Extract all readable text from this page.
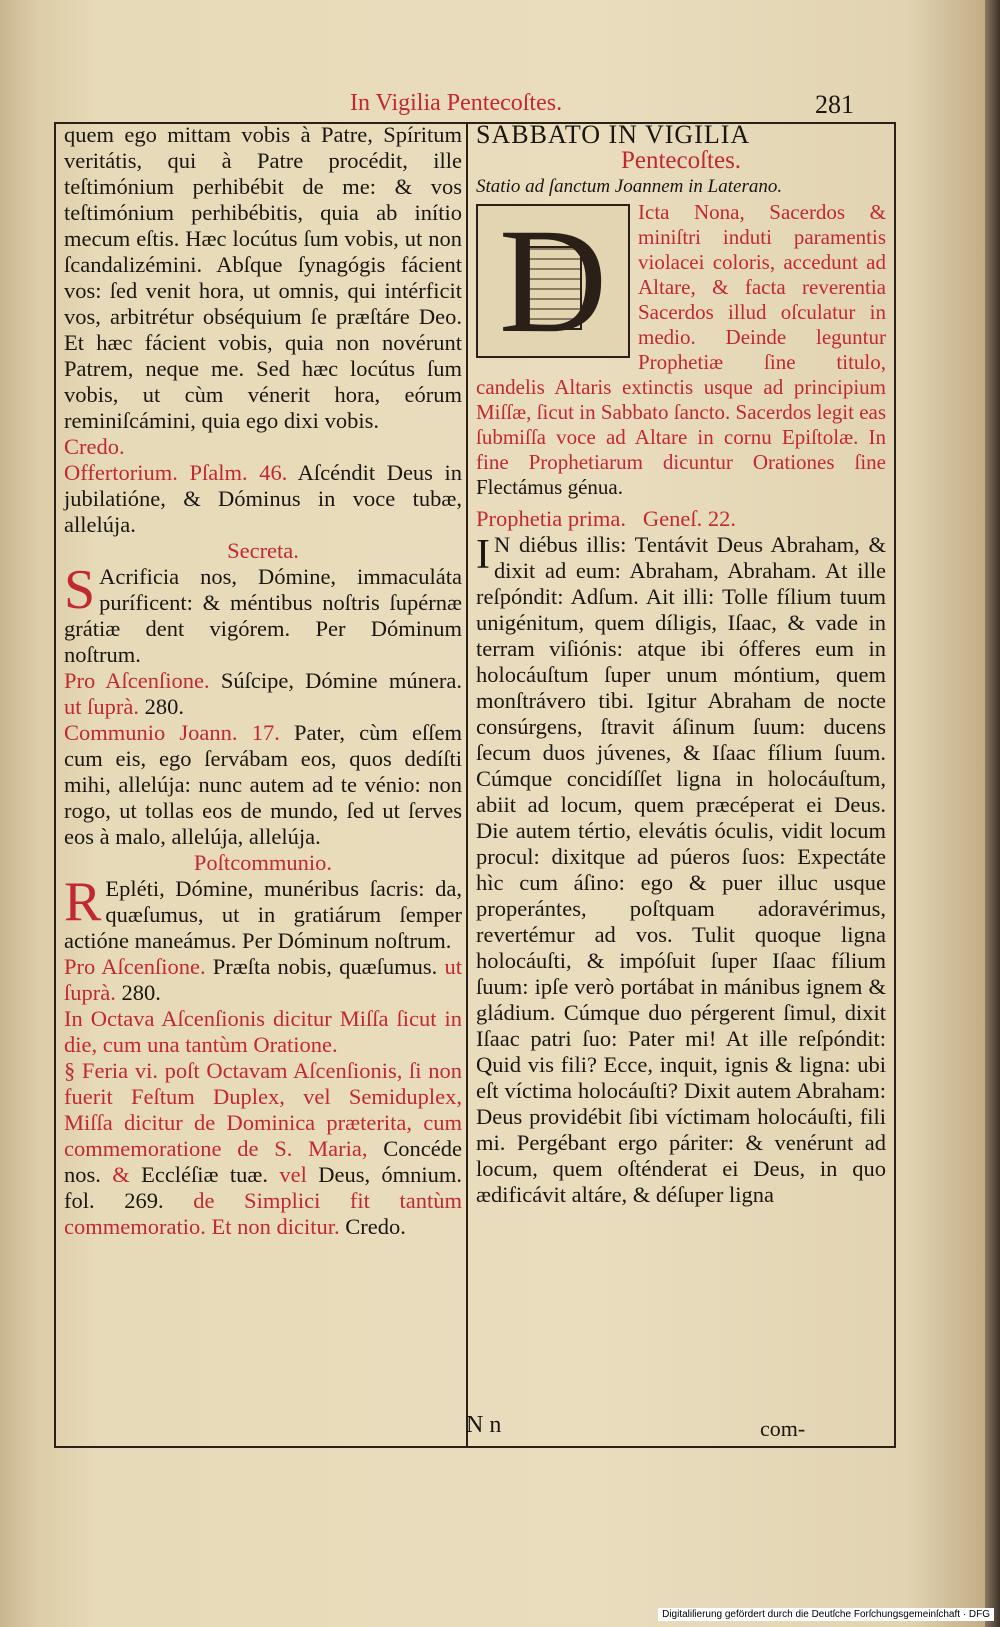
In Vigilia Pentecoſtes.	281

quem ego mittam vobis à Patre, Spíritum veritátis, qui à Patre procédit, ille teſtimónium perhibébit de me: & vos teſtimónium perhibébitis, quia ab inítio mecum eſtis. Hæc locútus ſum vobis, ut non ſcandalizémini. Abſque ſynagógis fácient vos: ſed venit hora, ut omnis, qui intérficit vos, arbitrétur obséquium ſe præſtáre Deo. Et hæc fácient vobis, quia non novérunt Patrem, neque me. Sed hæc locútus ſum vobis, ut cùm vénerit hora, eórum reminiſcámini, quia ego dixi vobis.

Credo.

Offertorium. Pſalm. 46. Aſcéndit Deus in jubilatióne, & Dóminus in voce tubæ, allelúja.

Secreta.

S Acrificia nos, Dómine, immaculáta puríficent: & méntibus noſtris ſupérnæ grátiæ dent vigórem. Per Dóminum noſtrum.

Pro Aſcenſione. Súſcipe, Dómine múnera. ut ſuprà. 280.

Communio Joann. 17. Pater, cùm eſſem cum eis, ego ſervábam eos, quos dedíſti mihi, allelúja: nunc autem ad te vénio: non rogo, ut tollas eos de mundo, ſed ut ſerves eos à malo, allelúja, allelúja.

Poſtcommunio.

R Epléti, Dómine, munéribus ſacris: da, quæſumus, ut in gratiárum ſemper actióne maneámus. Per Dóminum noſtrum.

Pro Aſcenſione. Præſta nobis, quæſumus. ut ſuprà. 280.

In Octava Aſcenſionis dicitur Miſſa ſicut in die, cum una tantùm Oratione.

§ Feria vi. poſt Octavam Aſcenſionis, ſi non fuerit Feſtum Duplex, vel Semiduplex, Miſſa dicitur de Dominica præterita, cum commemoratione de S. Maria, Concéde nos. & Eccléſiæ tuæ. vel Deus, ómnium. fol. 269. de Simplici fit tantùm commemoratio. Et non dicitur. Credo.

SABBATO IN VIGILIA

Pentecoſtes.

Statio ad ſanctum Joannem in Laterano.

D	Icta Nona, Sacerdos & miniſtri induti paramentis violacei coloris, accedunt ad Altare, & facta reverentia Sacerdos illud oſculatur in medio. Deinde leguntur Prophetiæ ſine titulo, candelis Altaris extinctis usque ad principium Miſſæ, ſicut in Sabbato ſancto. Sacerdos legit eas ſubmiſſa voce ad Altare in cornu Epiſtolæ. In fine Prophetiarum dicuntur Orationes ſine Flectámus génua.

Prophetia prima. Geneſ. 22.

I N diébus illis: Tentávit Deus Abraham, & dixit ad eum: Abraham, Abraham. At ille reſpóndit: Adſum. Ait illi: Tolle fílium tuum unigénitum, quem díligis, Iſaac, & vade in terram viſiónis: atque ibi ófferes eum in holocáuſtum ſuper unum móntium, quem monſtrávero tibi. Igitur Abraham de nocte consúrgens, ſtravit áſinum ſuum: ducens ſecum duos júvenes, & Iſaac fílium ſuum. Cúmque concidíſſet ligna in holocáuſtum, abiit ad locum, quem præcéperat ei Deus. Die autem tértio, elevátis óculis, vidit locum procul: dixitque ad púeros ſuos: Expectáte hìc cum áſino: ego & puer illuc usque properántes, poſtquam adoravérimus, revertémur ad vos. Tulit quoque ligna holocáuſti, & impóſuit ſuper Iſaac fílium ſuum: ipſe verò portábat in mánibus ignem & gládium. Cúmque duo pérgerent ſimul, dixit Iſaac patri ſuo: Pater mi! At ille reſpóndit: Quid vis fili? Ecce, inquit, ignis & ligna: ubi eſt víctima holocáuſti? Dixit autem Abraham: Deus providébit ſibi víctimam holocáuſti, fili mi. Pergébant ergo páriter: & venérunt ad locum, quem oſténderat ei Deus, in quo ædificávit altáre, & déſuper ligna

N n	com-
Digitaliſierung gefördert durch die Deutſche Forſchungsgemeinſchaft · DFG
